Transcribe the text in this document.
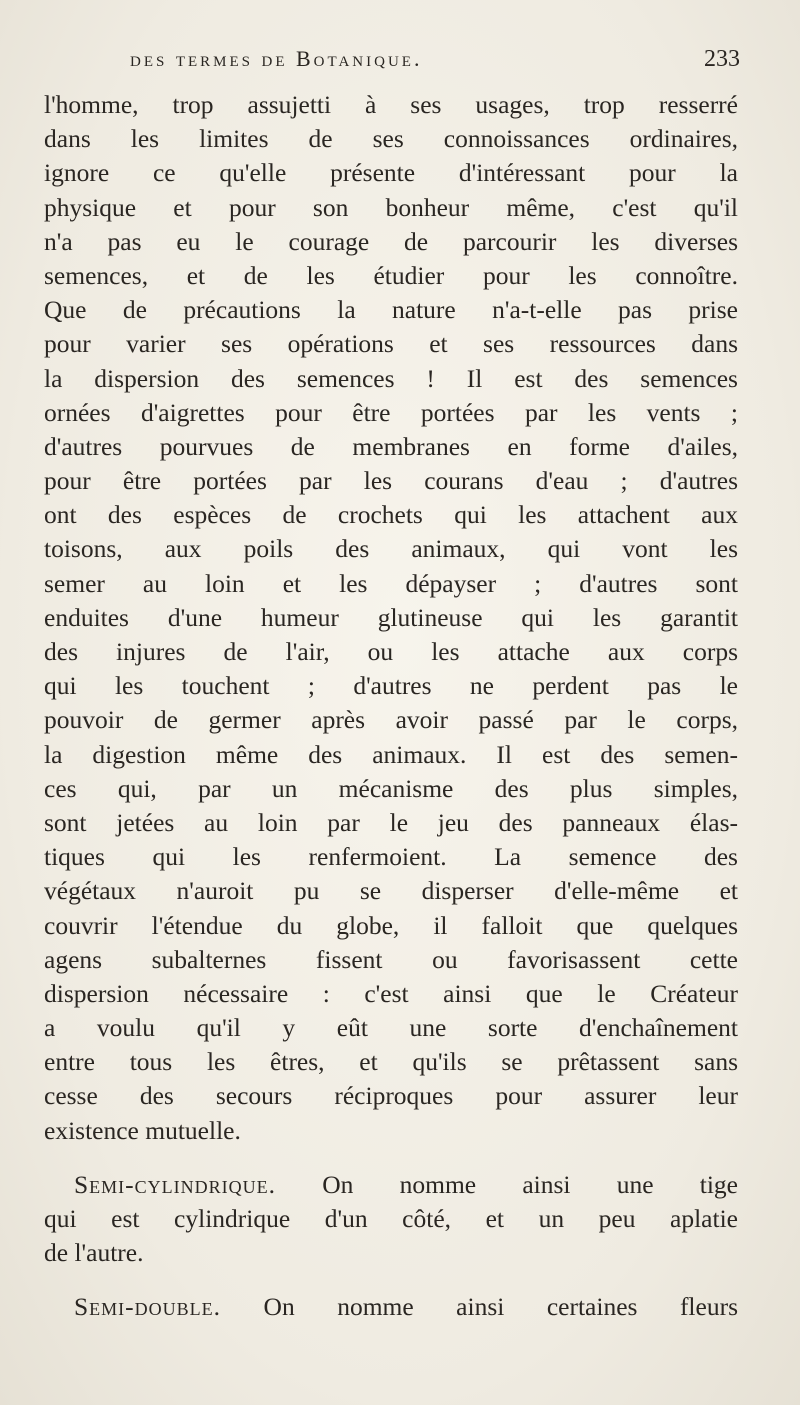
des termes de Botanique.	233
l'homme, trop assujetti à ses usages, trop resserré
dans les limites de ses connoissances ordinaires,
ignore ce qu'elle présente d'intéressant pour la
physique et pour son bonheur même, c'est qu'il
n'a pas eu le courage de parcourir les diverses
semences, et de les étudier pour les connoître.
Que de précautions la nature n'a-t-elle pas prise
pour varier ses opérations et ses ressources dans
la dispersion des semences ! Il est des semences
ornées d'aigrettes pour être portées par les vents ;
d'autres pourvues de membranes en forme d'ailes,
pour être portées par les courans d'eau ; d'autres
ont des espèces de crochets qui les attachent aux
toisons, aux poils des animaux, qui vont les
semer au loin et les dépayser ; d'autres sont
enduites d'une humeur glutineuse qui les garantit
des injures de l'air, ou les attache aux corps
qui les touchent ; d'autres ne perdent pas le
pouvoir de germer après avoir passé par le corps,
la digestion même des animaux. Il est des semen-
ces qui, par un mécanisme des plus simples,
sont jetées au loin par le jeu des panneaux élas-
tiques qui les renfermoient. La semence des
végétaux n'auroit pu se disperser d'elle-même et
couvrir l'étendue du globe, il falloit que quelques
agens subalternes fissent ou favorisassent cette
dispersion nécessaire : c'est ainsi que le Créateur
a voulu qu'il y eût une sorte d'enchaînement
entre tous les êtres, et qu'ils se prêtassent sans
cesse des secours réciproques pour assurer leur
existence mutuelle.
Semi-cylindrique. On nomme ainsi une tige
qui est cylindrique d'un côté, et un peu aplatie
de l'autre.
Semi-double. On nomme ainsi certaines fleurs
